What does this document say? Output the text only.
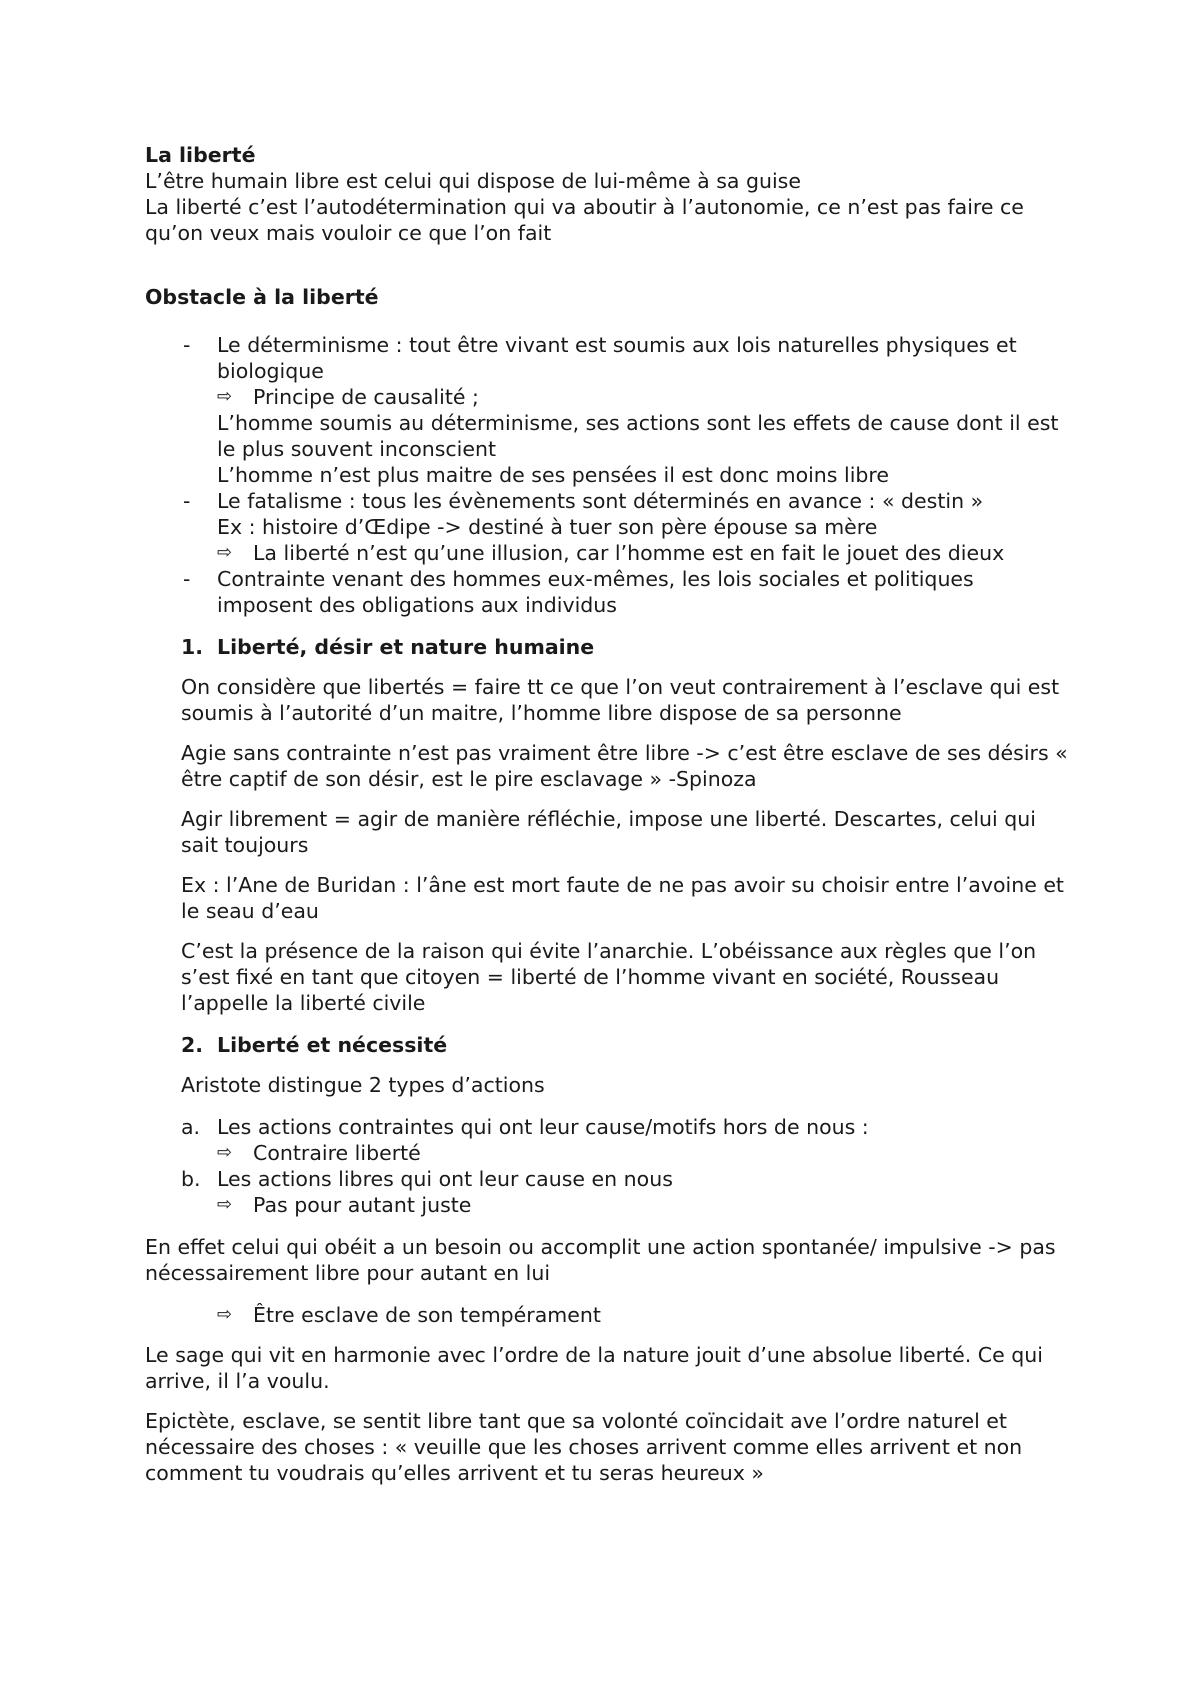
La liberté

L’être humain libre est celui qui dispose de lui-même à sa guise

La liberté c’est l’autodétermination qui va aboutir à l’autonomie, ce n’est pas faire ce qu’on veux mais vouloir ce que l’on fait

Obstacle à la liberté

- Le déterminisme : tout être vivant est soumis aux lois naturelles physiques et biologique

⇨ Principe de causalité ;

L’homme soumis au déterminisme, ses actions sont les effets de cause dont il est le plus souvent inconscient

L’homme n’est plus maitre de ses pensées il est donc moins libre

- Le fatalisme : tous les évènements sont déterminés en avance : « destin »

Ex : histoire d’Œdipe -> destiné à tuer son père épouse sa mère

⇨ La liberté n’est qu’une illusion, car l’homme est en fait le jouet des dieux
- Contrainte venant des hommes eux-mêmes, les lois sociales et politiques imposent des obligations aux individus

1. Liberté, désir et nature humaine

On considère que libertés = faire tt ce que l’on veut contrairement à l’esclave qui est soumis à l’autorité d’un maitre, l’homme libre dispose de sa personne

Agie sans contrainte n’est pas vraiment être libre -> c’est être esclave de ses désirs « être captif de son désir, est le pire esclavage » -Spinoza

Agir librement = agir de manière réfléchie, impose une liberté. Descartes, celui qui sait toujours

Ex : l’Ane de Buridan : l’âne est mort faute de ne pas avoir su choisir entre l’avoine et le seau d’eau

C’est la présence de la raison qui évite l’anarchie. L’obéissance aux règles que l’on s’est fixé en tant que citoyen = liberté de l’homme vivant en société, Rousseau l’appelle la liberté civile

2. Liberté et nécessité

Aristote distingue 2 types d’actions

a. Les actions contraintes qui ont leur cause/motifs hors de nous :

⇨ Contraire liberté
b. Les actions libres qui ont leur cause en nous

⇨ Pas pour autant juste

En effet celui qui obéit a un besoin ou accomplit une action spontanée/ impulsive -> pas nécessairement libre pour autant en lui

⇨ Être esclave de son tempérament

Le sage qui vit en harmonie avec l’ordre de la nature jouit d’une absolue liberté. Ce qui arrive, il l’a voulu.

Epictète, esclave, se sentit libre tant que sa volonté coïncidait ave l’ordre naturel et nécessaire des choses : « veuille que les choses arrivent comme elles arrivent et non comment tu voudrais qu’elles arrivent et tu seras heureux »
